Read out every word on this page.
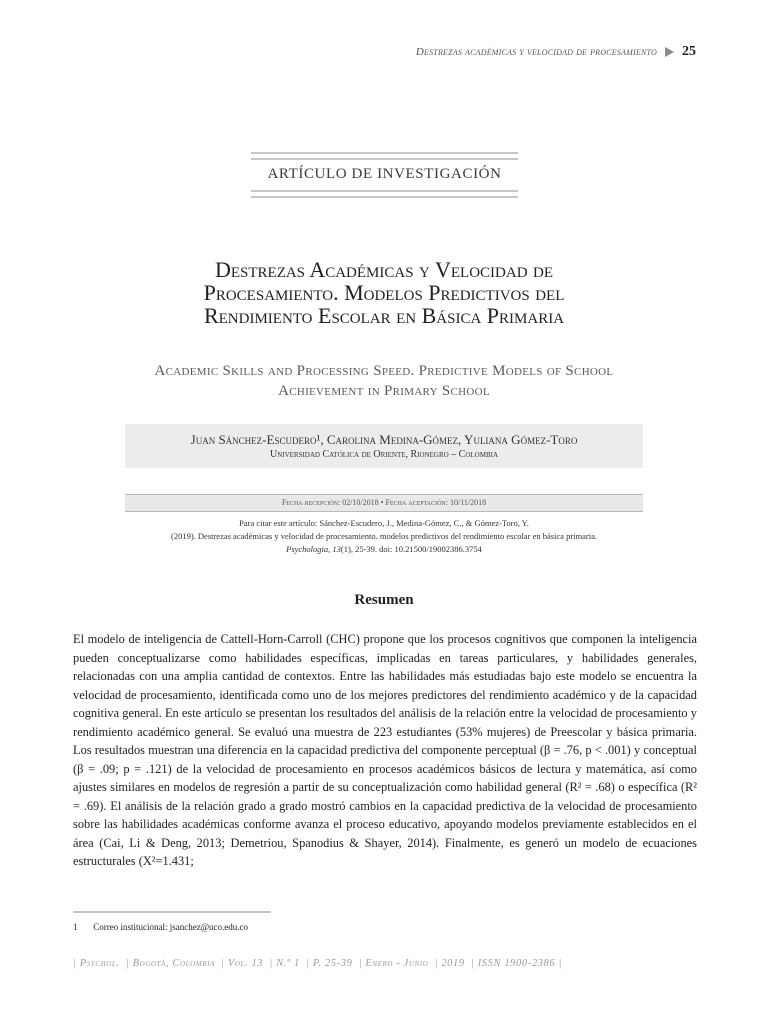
Destrezas académicas y velocidad de procesamiento 25
ARTÍCULO DE INVESTIGACIÓN
Destrezas Académicas y Velocidad de
Procesamiento. Modelos Predictivos del
Rendimiento Escolar en Básica Primaria
Academic Skills and Processing Speed. Predictive Models of School
Achievement in Primary School
Juan Sánchez-Escudero¹, Carolina Medina-Gómez, Yuliana Gómez-Toro
Universidad Católica de Oriente, Rionegro – Colombia
Fecha recepción: 02/10/2018 • Fecha aceptación: 10/11/2018
Para citar este artículo: Sánchez-Escudero, J., Medina-Gómez, C., & Gómez-Toro, Y.
(2019). Destrezas académicas y velocidad de procesamiento. modelos predictivos del rendimiento escolar en básica primaria.
Psychologia, 13(1), 25-39. doi: 10.21500/19002386.3754
Resumen
El modelo de inteligencia de Cattell-Horn-Carroll (CHC) propone que los procesos cognitivos que componen la inteligencia pueden conceptualizarse como habilidades específicas, implicadas en tareas particulares, y habilidades generales, relacionadas con una amplia cantidad de contextos. Entre las habilidades más estudiadas bajo este modelo se encuentra la velocidad de procesamiento, identificada como uno de los mejores predictores del rendimiento académico y de la capacidad cognitiva general. En este artículo se presentan los resultados del análisis de la relación entre la velocidad de procesamiento y rendimiento académico general. Se evaluó una muestra de 223 estudiantes (53% mujeres) de Preescolar y básica primaria. Los resultados muestran una diferencia en la capacidad predictiva del componente perceptual (β = .76, p < .001) y conceptual (β = .09; p = .121) de la velocidad de procesamiento en procesos académicos básicos de lectura y matemática, así como ajustes similares en modelos de regresión a partir de su conceptualización como habilidad general (R² = .68) o específica (R² = .69). El análisis de la relación grado a grado mostró cambios en la capacidad predictiva de la velocidad de procesamiento sobre las habilidades académicas conforme avanza el proceso educativo, apoyando modelos previamente establecidos en el área (Cai, Li & Deng, 2013; Demetriou, Spanodius & Shayer, 2014). Finalmente, es generó un modelo de ecuaciones estructurales (X²=1.431;
1 Correo institucional: jsanchez@uco.edu.co
| Psychol. | Bogotá, Colombia | Vol. 13 | N.º 1 | P. 25-39 | Enero - Junio | 2019 | ISSN 1900-2386 |
